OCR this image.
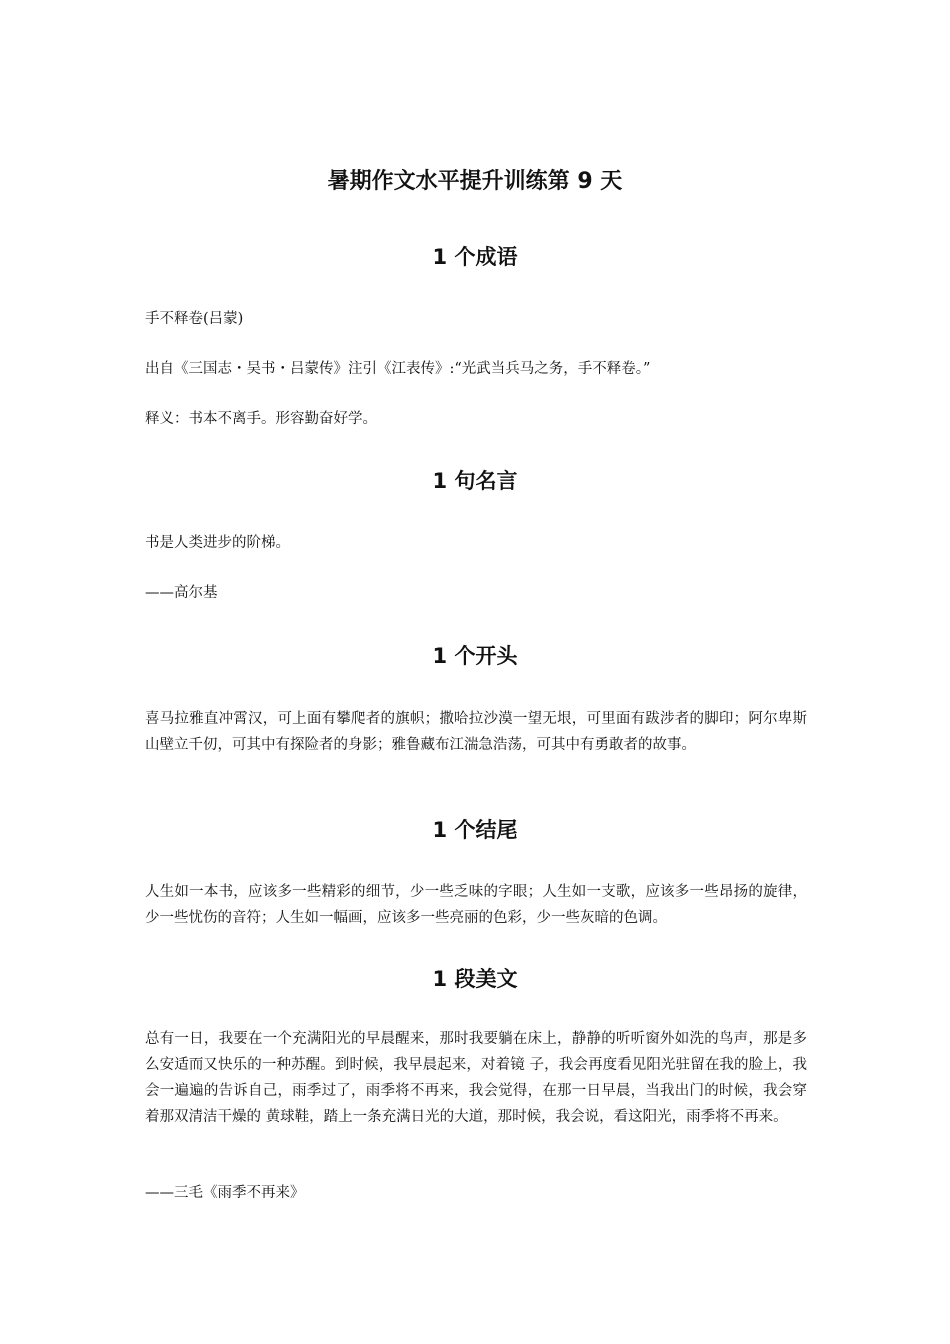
暑期作文水平提升训练第 9 天
1 个成语

手不释卷(吕蒙)

出自《三国志・吴书・吕蒙传》注引《江表传》:“光武当兵马之务，手不释卷。”

释义：书本不离手。形容勤奋好学。

1 句名言

书是人类进步的阶梯。

——高尔基

1 个开头

喜马拉雅直冲霄汉，可上面有攀爬者的旗帜；撒哈拉沙漠一望无垠，可里面有跋涉者的脚印；阿尔卑斯山壁立千仞，可其中有探险者的身影；雅鲁藏布江湍急浩荡，可其中有勇敢者的故事。

1 个结尾

人生如一本书，应该多一些精彩的细节，少一些乏味的字眼；人生如一支歌，应该多一些昂扬的旋律，少一些忧伤的音符；人生如一幅画，应该多一些亮丽的色彩，少一些灰暗的色调。

1 段美文

总有一日，我要在一个充满阳光的早晨醒来，那时我要躺在床上，静静的听听窗外如洗的鸟声，那是多么安适而又快乐的一种苏醒。到时候，我早晨起来，对着镜 子，我会再度看见阳光驻留在我的脸上，我会一遍遍的告诉自己，雨季过了，雨季将不再来，我会觉得，在那一日早晨，当我出门的时候，我会穿着那双清洁干燥的 黄球鞋，踏上一条充满日光的大道，那时候，我会说，看这阳光，雨季将不再来。

——三毛《雨季不再来》
